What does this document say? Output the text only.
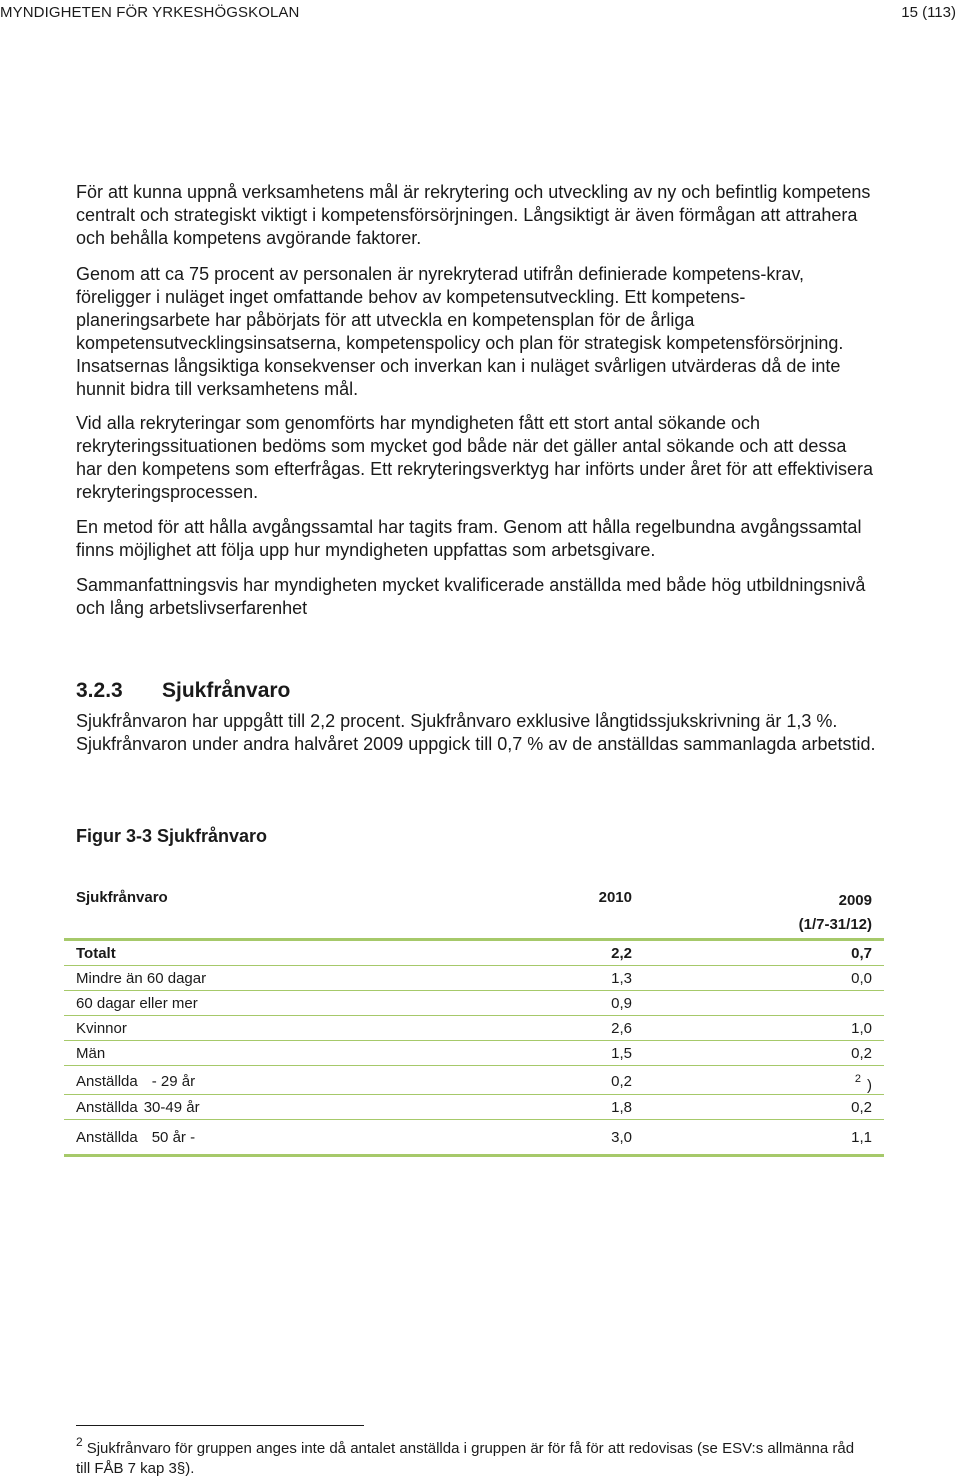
MYNDIGHETEN FÖR YRKESHÖGSKOLAN	15 (113)

För att kunna uppnå verksamhetens mål är rekrytering och utveckling av ny och befintlig kompetens centralt och strategiskt viktigt i kompetensförsörjningen. Långsiktigt är även förmågan att attrahera och behålla kompetens avgörande faktorer.

Genom att ca 75 procent av personalen är nyrekryterad utifrån definierade kompetens-krav, föreligger i nuläget inget omfattande behov av kompetensutveckling. Ett kompetens-planeringsarbete har påbörjats för att utveckla en kompetensplan för de årliga kompetensutvecklingsinsatserna, kompetenspolicy och plan för strategisk kompetensförsörjning. Insatsernas långsiktiga konsekvenser och inverkan kan i nuläget svårligen utvärderas då de inte hunnit bidra till verksamhetens mål.

Vid alla rekryteringar som genomförts har myndigheten fått ett stort antal sökande och rekryteringssituationen bedöms som mycket god både när det gäller antal sökande och att dessa har den kompetens som efterfrågas. Ett rekryteringsverktyg har införts under året för att effektivisera rekryteringsprocessen.

En metod för att hålla avgångssamtal har tagits fram. Genom att hålla regelbundna avgångssamtal finns möjlighet att följa upp hur myndigheten uppfattas som arbetsgivare.

Sammanfattningsvis har myndigheten mycket kvalificerade anställda med både hög utbildningsnivå och lång arbetslivserfarenhet

3.2.3 Sjukfrånvaro

Sjukfrånvaron har uppgått till 2,2 procent. Sjukfrånvaro exklusive långtidssjukskrivning är 1,3 %. Sjukfrånvaron under andra halvåret 2009 uppgick till 0,7 % av de anställdas sammanlagda arbetstid.

Figur 3-3 Sjukfrånvaro
Sjukfrånvaro	2010	2009
(1/7-31/12)
Totalt	2,2	0,7
Mindre än 60 dagar	1,3	0,0
60 dagar eller mer	0,9
Kvinnor	2,6	1,0
Män	1,5	0,2
Anställda - 29 år	0,2	$^2$ )
Anställda 30-49 år	1,8	0,2
Anställda 50 år -	3,0	1,1
$^2$ Sjukfrånvaro för gruppen anges inte då antalet anställda i gruppen är för få för att redovisas (se ESV:s allmänna råd till FÅB 7 kap 3§).
